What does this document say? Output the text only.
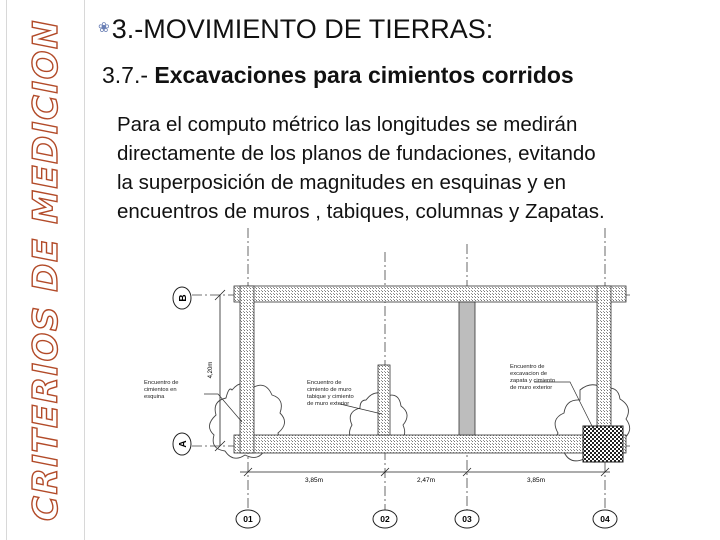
CRITERIOS DE MEDICION ❀3.-MOVIMIENTO DE TIERRAS:
3.7.- Excavaciones para cimientos corridos
Para el computo métrico las longitudes se medirán
directamente de los planos de fundaciones, evitando
la superposición de magnitudes en esquinas y en
encuentros de muros , tabiques, columnas y Zapatas.
B
A
4,20m
3,85m	2,47m	3,85m
01	02	03	04
Encuentro de
cimientos en
esquina
Encuentro de
cimiento de muro
tabique y cimiento
de muro exterior
Encuentro de
excavacion de
zapata y cimiento
de muro exterior
